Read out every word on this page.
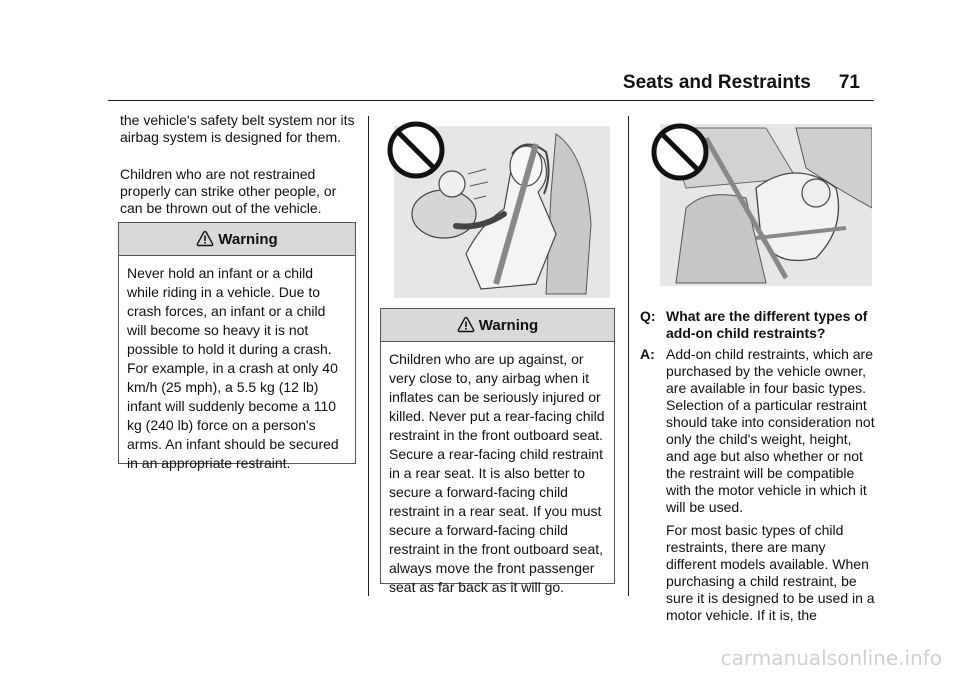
Seats and Restraints 71

the vehicle's safety belt system nor its airbag system is designed for them.

Children who are not restrained properly can strike other people, or can be thrown out of the vehicle.

Warning

Never hold an infant or a child while riding in a vehicle. Due to crash forces, an infant or a child will become so heavy it is not possible to hold it during a crash. For example, in a crash at only 40 km/h (25 mph), a 5.5 kg (12 lb) infant will suddenly become a 110 kg (240 lb) force on a person's arms. An infant should be secured in an appropriate restraint.

Warning

Children who are up against, or very close to, any airbag when it inflates can be seriously injured or killed. Never put a rear-facing child restraint in the front outboard seat. Secure a rear-facing child restraint in a rear seat. It is also better to secure a forward-facing child restraint in a rear seat. If you must secure a forward-facing child restraint in the front outboard seat, always move the front passenger seat as far back as it will go.

Q: What are the different types of add-on child restraints?
A: Add-on child restraints, which are purchased by the vehicle owner, are available in four basic types. Selection of a particular restraint should take into consideration not only the child's weight, height, and age but also whether or not the restraint will be compatible with the motor vehicle in which it will be used.

For most basic types of child restraints, there are many different models available. When purchasing a child restraint, be sure it is designed to be used in a motor vehicle. If it is, the

carmanualsonline.info
